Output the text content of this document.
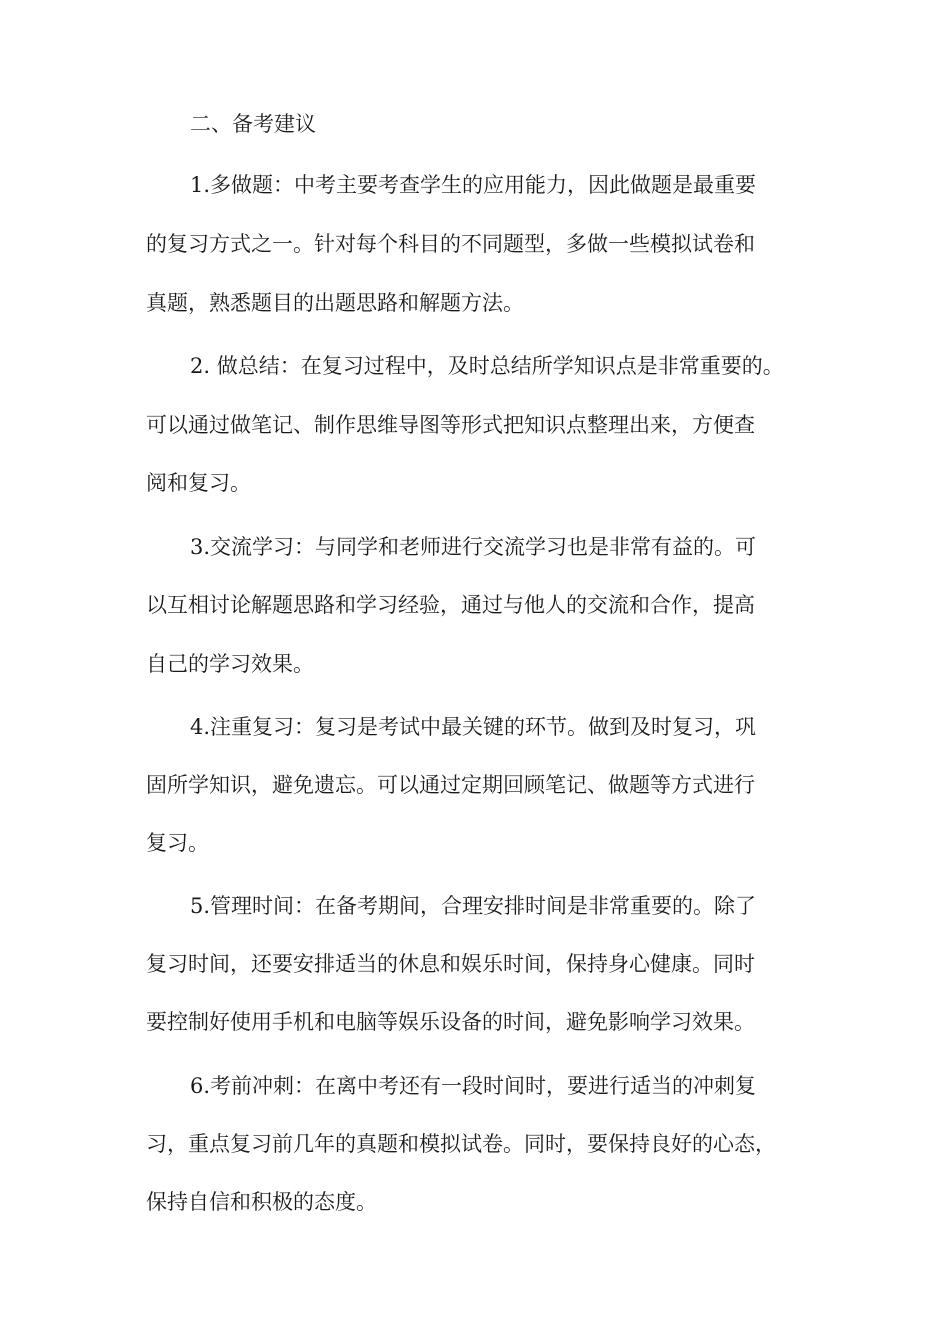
二、备考建议
1.多做题：中考主要考查学生的应用能力，因此做题是最重要
的复习方式之一。针对每个科目的不同题型，多做一些模拟试卷和
真题，熟悉题目的出题思路和解题方法。
2. 做总结：在复习过程中，及时总结所学知识点是非常重要的。
可以通过做笔记、制作思维导图等形式把知识点整理出来，方便查
阅和复习。
3.交流学习：与同学和老师进行交流学习也是非常有益的。可
以互相讨论解题思路和学习经验，通过与他人的交流和合作，提高
自己的学习效果。
4.注重复习：复习是考试中最关键的环节。做到及时复习，巩
固所学知识，避免遗忘。可以通过定期回顾笔记、做题等方式进行
复习。
5.管理时间：在备考期间，合理安排时间是非常重要的。除了
复习时间，还要安排适当的休息和娱乐时间，保持身心健康。同时
要控制好使用手机和电脑等娱乐设备的时间，避免影响学习效果。
6.考前冲刺：在离中考还有一段时间时，要进行适当的冲刺复
习，重点复习前几年的真题和模拟试卷。同时，要保持良好的心态，
保持自信和积极的态度。
